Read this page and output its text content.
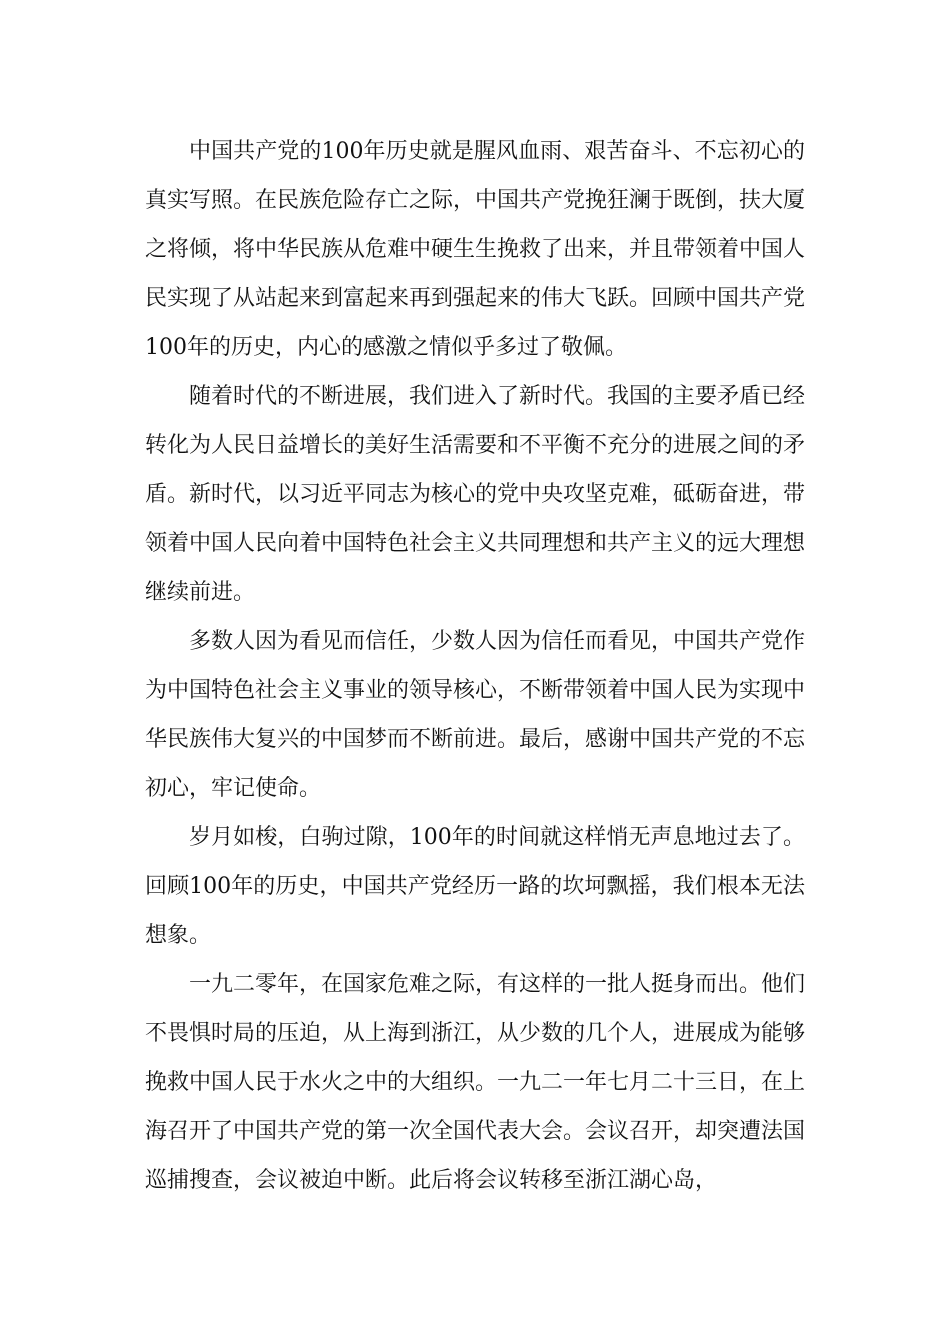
中国共产党的100年历史就是腥风血雨、艰苦奋斗、不忘初心的真实写照。在民族危险存亡之际，中国共产党挽狂澜于既倒，扶大厦之将倾，将中华民族从危难中硬生生挽救了出来，并且带领着中国人民实现了从站起来到富起来再到强起来的伟大飞跃。回顾中国共产党100年的历史，内心的感激之情似乎多过了敬佩。

随着时代的不断进展，我们进入了新时代。我国的主要矛盾已经转化为人民日益增长的美好生活需要和不平衡不充分的进展之间的矛盾。新时代，以习近平同志为核心的党中央攻坚克难，砥砺奋进，带领着中国人民向着中国特色社会主义共同理想和共产主义的远大理想继续前进。

多数人因为看见而信任，少数人因为信任而看见，中国共产党作为中国特色社会主义事业的领导核心，不断带领着中国人民为实现中华民族伟大复兴的中国梦而不断前进。最后，感谢中国共产党的不忘初心，牢记使命。

岁月如梭，白驹过隙，100年的时间就这样悄无声息地过去了。回顾100年的历史，中国共产党经历一路的坎坷飘摇，我们根本无法想象。

一九二零年，在国家危难之际，有这样的一批人挺身而出。他们不畏惧时局的压迫，从上海到浙江，从少数的几个人，进展成为能够挽救中国人民于水火之中的大组织。一九二一年七月二十三日，在上海召开了中国共产党的第一次全国代表大会。会议召开，却突遭法国巡捕搜查，会议被迫中断。此后将会议转移至浙江湖心岛，
